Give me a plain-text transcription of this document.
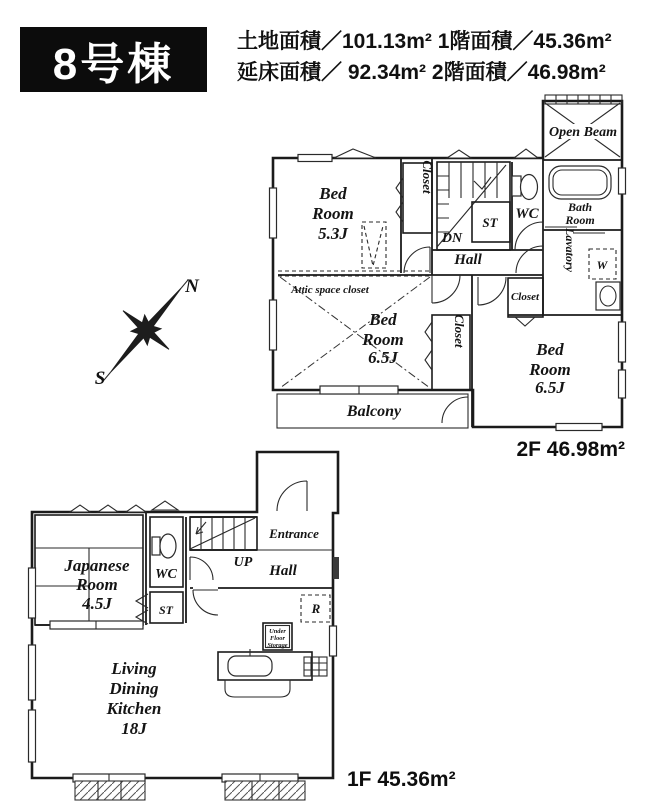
8号棟	土地面積／101.13m² 1階面積／45.36m²
延床面積／ 92.34m² 2階面積／46.98m²
N
S
Bed
Room
5.3J
Closet
DN
ST
WC
Hall
Open Beam
Bath
Room
Lavatory W
Closet
Attic space closet
Bed
Room
6.5J
Closet
Bed
Room
6.5J
Balcony
2F 46.98m²
Japanese
Room
4.5J
WC
ST
UP
Hall
Entrance
R
Under
Floor
Storage
Living
Dining
Kitchen
18J
1F 45.36m²
